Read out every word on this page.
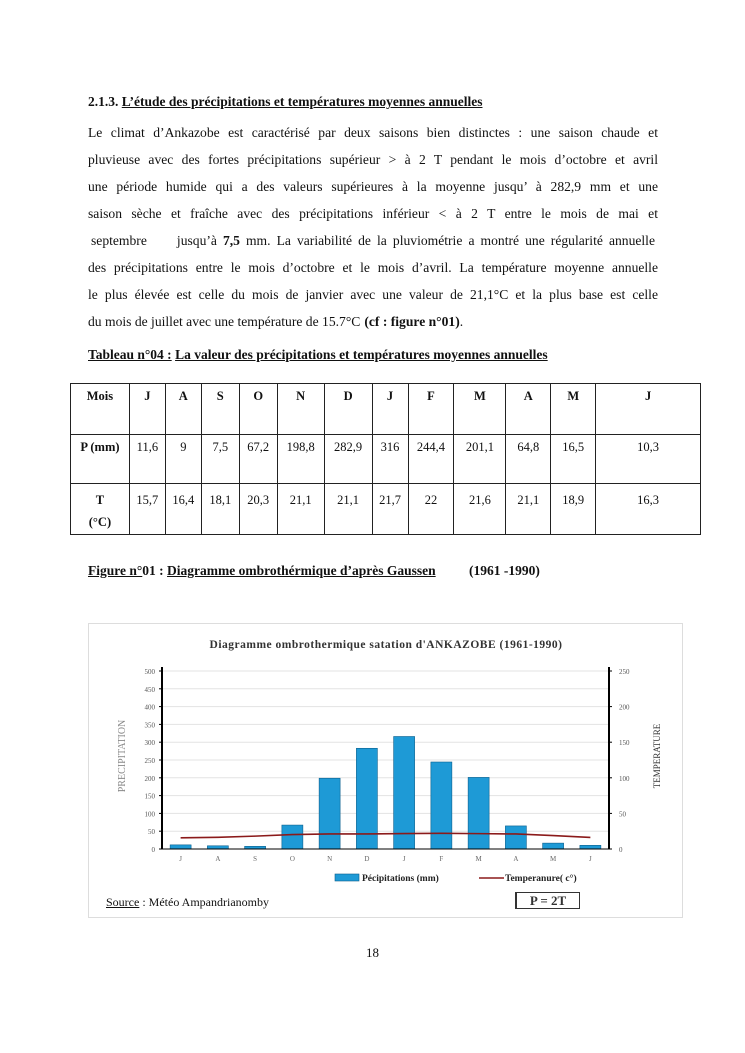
2.1.3. L’étude des précipitations et températures moyennes annuelles
Le climat d’Ankazobe est caractérisé par deux saisons bien distinctes : une saison chaude et
pluvieuse avec des fortes précipitations supérieur > à 2 T pendant le mois d’octobre et avril
une période humide qui a des valeurs supérieures à la moyenne jusqu’ à 282,9 mm et une
saison sèche et fraîche avec des précipitations inférieur < à 2 T entre le mois de mai et
septembre jusqu’à 7,5 mm. La variabilité de la pluviométrie a montré une régularité annuelle
des précipitations entre le mois d’octobre et le mois d’avril. La température moyenne annuelle
le plus élevée est celle du mois de janvier avec une valeur de 21,1°C et la plus base est celle
du mois de juillet avec une température de 15.7°C (cf : figure n°01) .
Tableau n°04 : La valeur des précipitations et températures moyennes annuelles
Mois	J	A	S	O	N	D	J	F	M	A	M	J
P (mm)	11,6	9	7,5	67,2	198,8	282,9	316	244,4	201,1	64,8	16,5	10,3
T
(°C)	15,7	16,4	18,1	20,3	21,1	21,1	21,7	22	21,6	21,1	18,9	16,3
Figure n°01 : Diagramme ombrothérmique d’après Gaussen (1961 -1990)
Diagramme ombrothermique satation d'ANKAZOBE (1961-1990)
PRECIPITATION	TEMPERATURE
0
50
100
150
200
250
300
350
400
450
500
0
50
100
150
200
250
J	A	S	O	N	D	J	F	M	A	M	J
Pécipitations (mm)	Temperanure( c°)
Source : Météo Ampandrianomby	P = 2T
18
